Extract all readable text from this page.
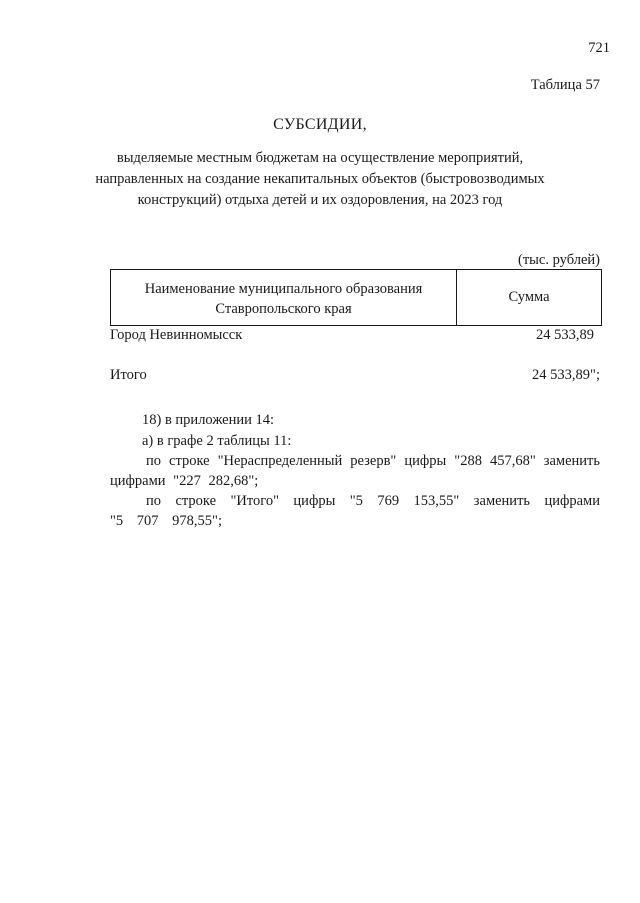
721
Таблица 57
СУБСИДИИ,
выделяемые местным бюджетам на осуществление мероприятий, направленных на создание некапитальных объектов (быстровозводимых конструкций) отдыха детей и их оздоровления, на 2023 год
(тыс. рублей)
Наименование муниципального образования Ставропольского края
Сумма
Город Невинномысск	24 533,89
Итого	24 533,89";
18) в приложении 14:
а) в графе 2 таблицы 11:
по строке "Нераспределенный резерв" цифры "288 457,68" заменить цифрами "227 282,68";
по строке "Итого" цифры "5 769 153,55" заменить цифрами "5 707 978,55";
